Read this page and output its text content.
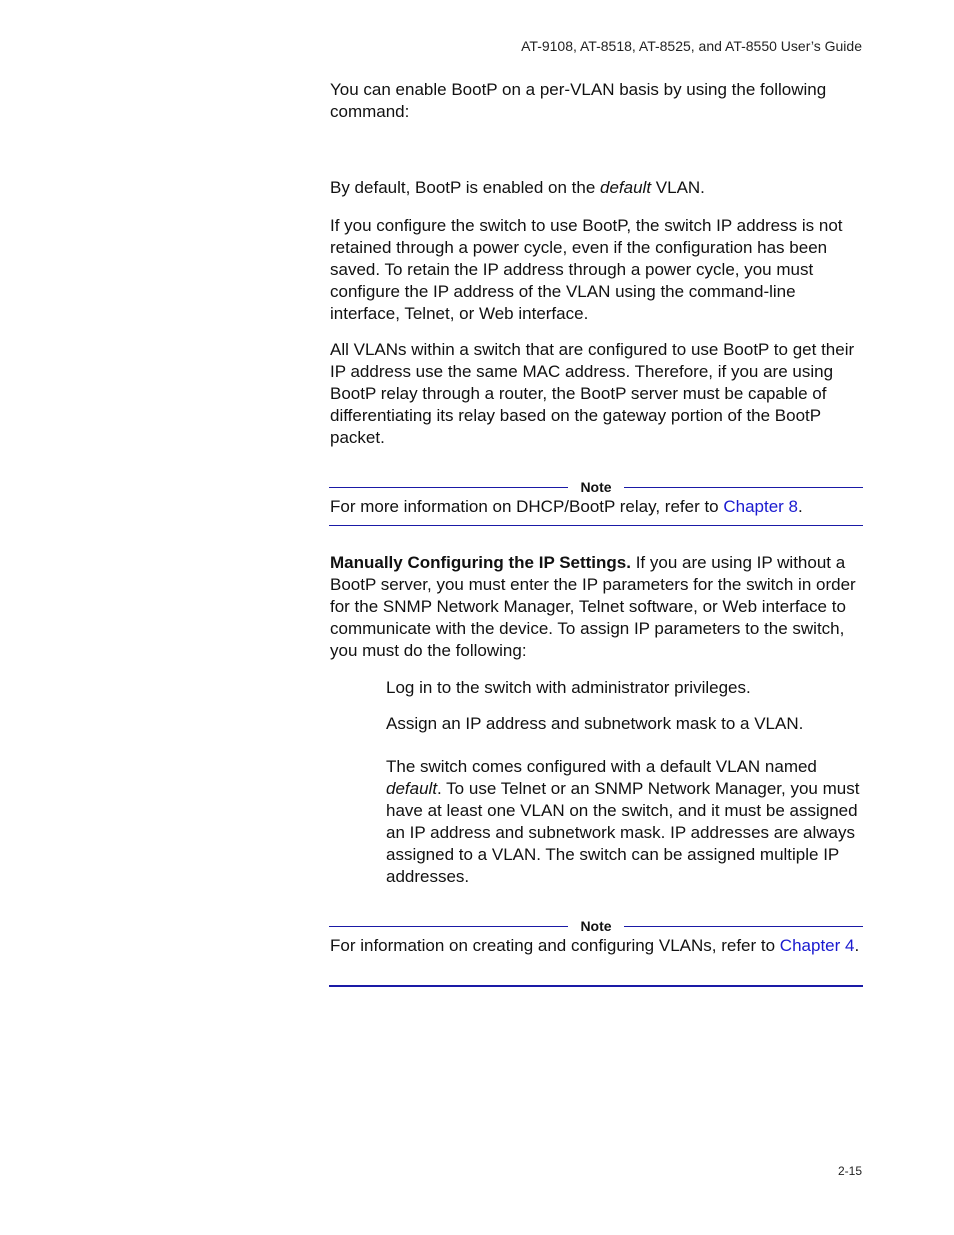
AT-9108, AT-8518, AT-8525, and AT-8550 User’s Guide

You can enable BootP on a per-VLAN basis by using the following command:

By default, BootP is enabled on the default VLAN.

If you configure the switch to use BootP, the switch IP address is not retained through a power cycle, even if the configuration has been saved. To retain the IP address through a power cycle, you must configure the IP address of the VLAN using the command-line interface, Telnet, or Web interface.

All VLANs within a switch that are configured to use BootP to get their IP address use the same MAC address. Therefore, if you are using BootP relay through a router, the BootP server must be capable of differentiating its relay based on the gateway portion of the BootP packet.

Note

For more information on DHCP/BootP relay, refer to Chapter 8.

Manually Configuring the IP Settings. If you are using IP without a BootP server, you must enter the IP parameters for the switch in order for the SNMP Network Manager, Telnet software, or Web interface to communicate with the device. To assign IP parameters to the switch, you must do the following:

Log in to the switch with administrator privileges.

Assign an IP address and subnetwork mask to a VLAN.

The switch comes configured with a default VLAN named default. To use Telnet or an SNMP Network Manager, you must have at least one VLAN on the switch, and it must be assigned an IP address and subnetwork mask. IP addresses are always assigned to a VLAN. The switch can be assigned multiple IP addresses.

Note

For information on creating and configuring VLANs, refer to Chapter 4.

2-15
